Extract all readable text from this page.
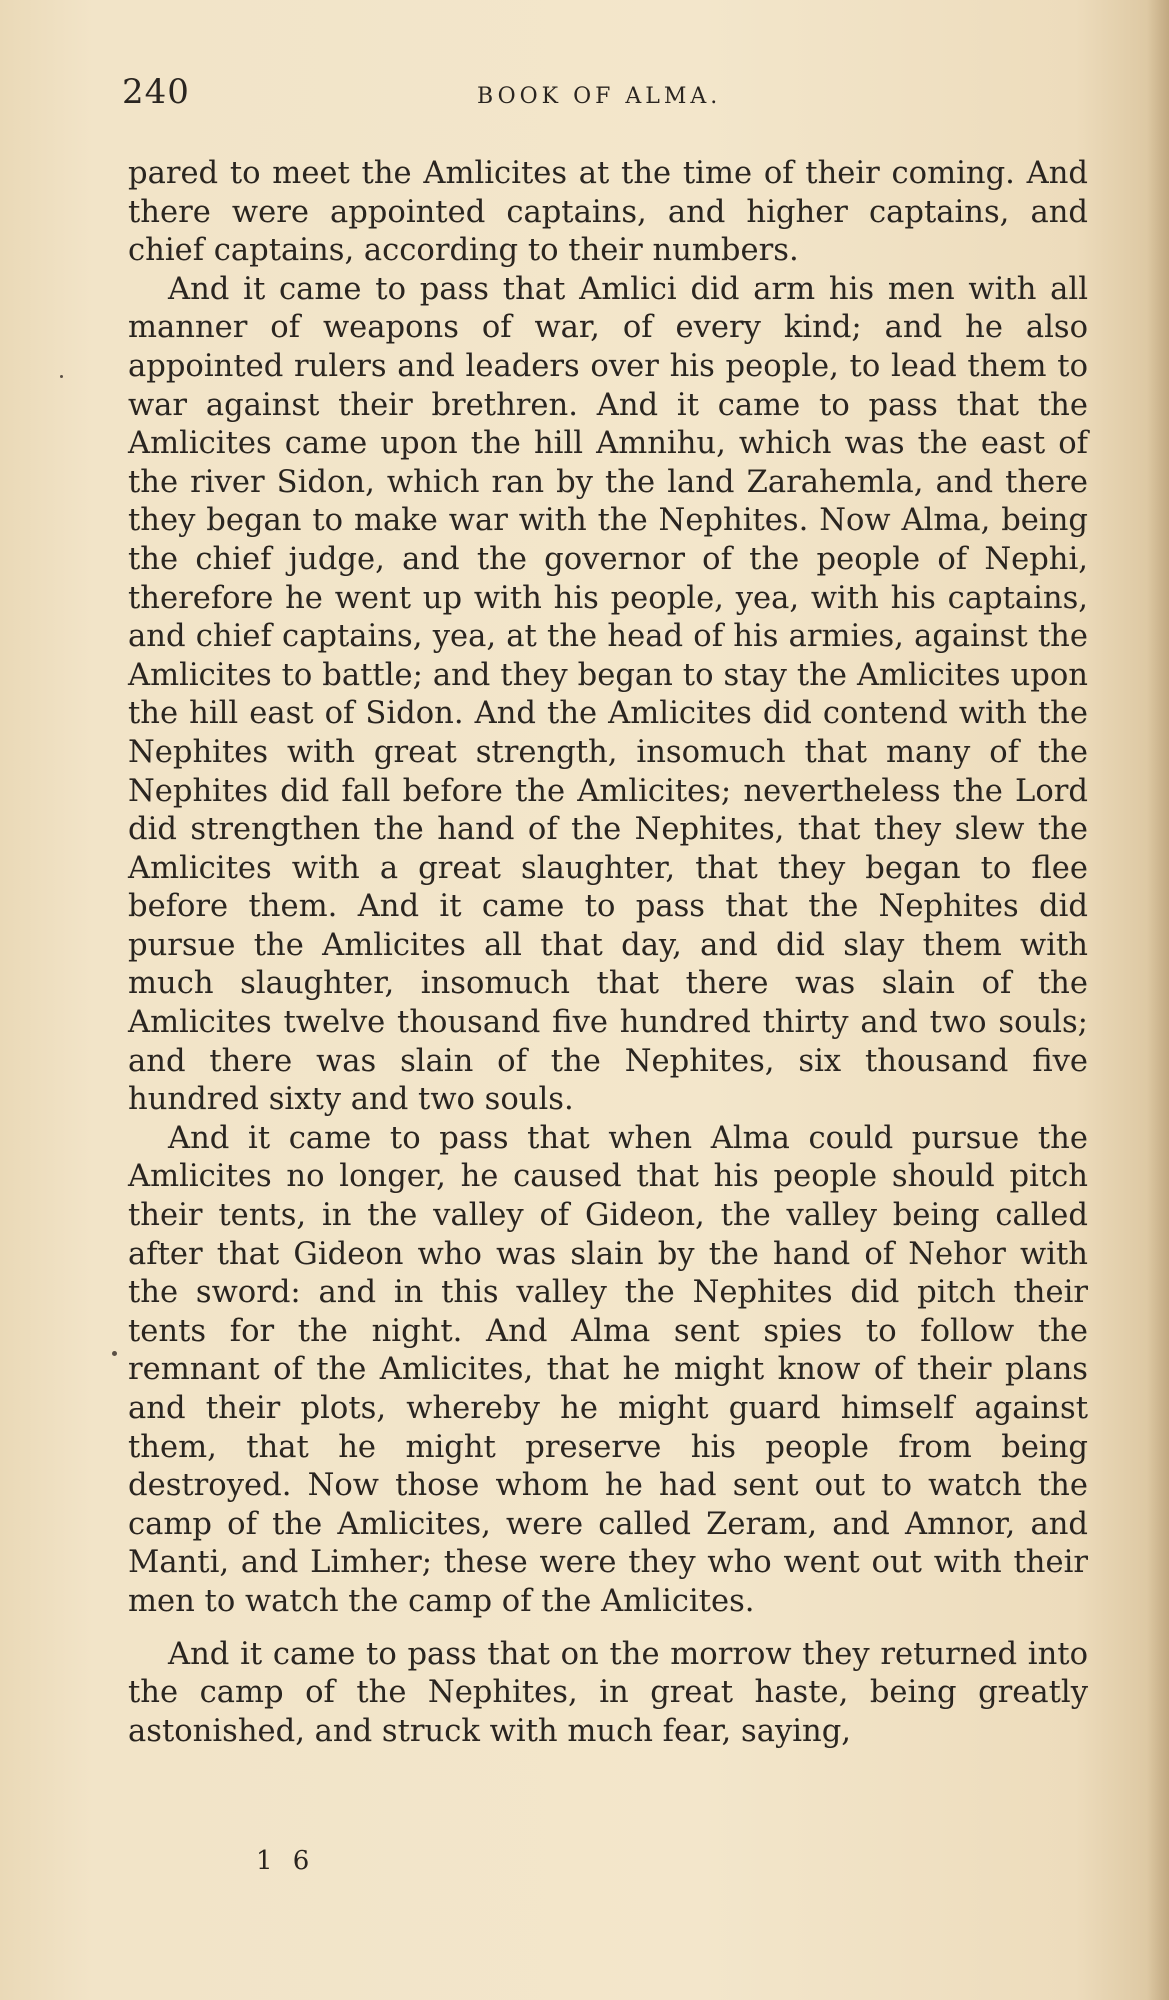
240	BOOK OF ALMA.

pared to meet the Amlicites at the time of their coming. And there were appointed captains, and higher captains, and chief captains, according to their numbers.

And it came to pass that Amlici did arm his men with all manner of weapons of war, of every kind; and he also appointed rulers and leaders over his people, to lead them to war against their brethren. And it came to pass that the Amlicites came upon the hill Amnihu, which was the east of the river Sidon, which ran by the land Zarahemla, and there they began to make war with the Nephites. Now Alma, being the chief judge, and the governor of the people of Nephi, therefore he went up with his people, yea, with his captains, and chief captains, yea, at the head of his armies, against the Amlicites to battle; and they began to stay the Amlicites upon the hill east of Sidon. And the Amlicites did contend with the Nephites with great strength, insomuch that many of the Nephites did fall before the Amlicites; nevertheless the Lord did strengthen the hand of the Nephites, that they slew the Amlicites with a great slaughter, that they began to flee before them. And it came to pass that the Nephites did pursue the Amlicites all that day, and did slay them with much slaughter, insomuch that there was slain of the Amlicites twelve thousand five hundred thirty and two souls; and there was slain of the Nephites, six thousand five hundred sixty and two souls.

And it came to pass that when Alma could pursue the Amlicites no longer, he caused that his people should pitch their tents, in the valley of Gideon, the valley being called after that Gideon who was slain by the hand of Nehor with the sword: and in this valley the Nephites did pitch their tents for the night. And Alma sent spies to follow the remnant of the Amlicites, that he might know of their plans and their plots, whereby he might guard himself against them, that he might preserve his people from being destroyed. Now those whom he had sent out to watch the camp of the Amlicites, were called Zeram, and Amnor, and Manti, and Limher; these were they who went out with their men to watch the camp of the Amlicites.

And it came to pass that on the morrow they returned into the camp of the Nephites, in great haste, being greatly astonished, and struck with much fear, saying,

1 6
